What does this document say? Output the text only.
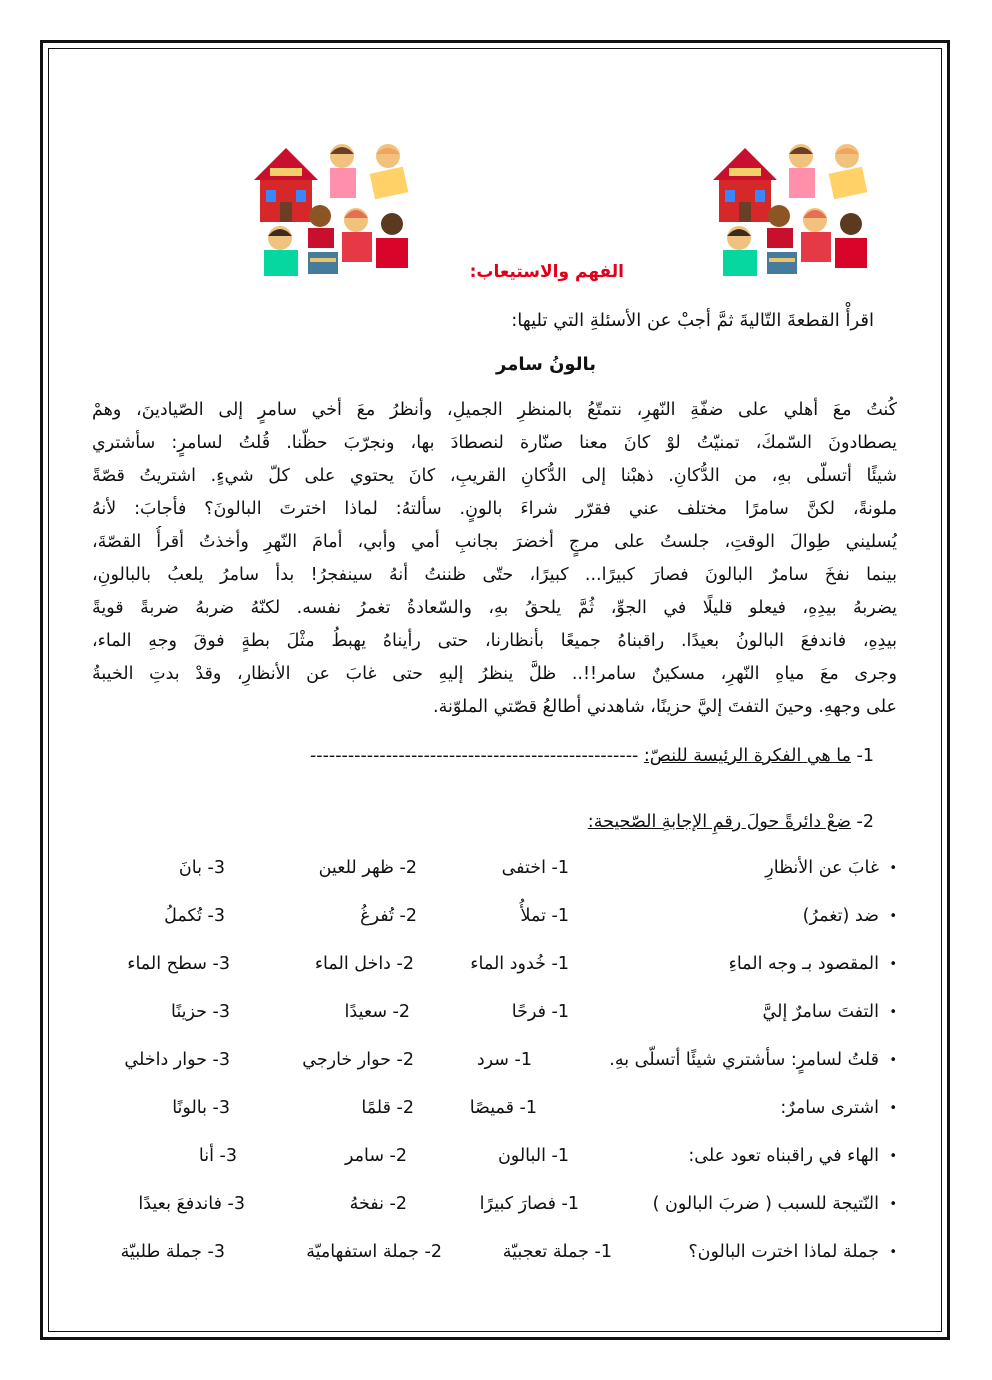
الفهم والاستيعاب:
اقرأْ القطعةَ التّاليةَ ثمَّ أجبْ عن الأسئلةِ التي تليها:
بالونُ سامر
كُنتُ معَ أهلي على ضفّةِ النّهرِ، نتمتّعُ بالمنظرِ الجميلِ، وأنظرُ معَ أخي سامرٍ إلى الصّيادينَ، وهمْ
يصطادونَ السّمكَ، تمنيّتُ لوْ كانَ معنا صنّارة لنصطادَ بها، ونجرّبَ حظّنا. قُلتُ لسامرٍ: سأشتري
شيئًا أتسلّى بهِ، من الدُّكانِ. ذهبْنا إلى الدُّكانِ القريبِ، كانَ يحتوي على كلّ شيءٍ. اشتريتُ قصّةً
ملونةً، لكنَّ سامرًا مختلف عني فقرّر شراءَ بالونٍ. سألتهُ: لماذا اخترتَ البالونَ؟ فأجابَ: لأنهُ
يُسليني طِوالَ الوقتِ، جلستُ على مرجٍ أخضرَ بجانبِ أمي وأبي، أمامَ النّهرِ وأخذتُ أقرأُ القصّةَ،
بينما نفخَ سامرٌ البالونَ فصارَ كبيرًا... كبيرًا، حتّى ظننتُ أنهُ سينفجرُ! بدأ سامرُ يلعبُ بالبالونِ،
يضربهُ بيدِهِ، فيعلو قليلًا في الجوِّ، ثُمَّ يلحقُ بهِ، والسّعادةُ تغمرُ نفسه. لكنّهُ ضربهُ ضربةً قويةً
بيدِهِ، فاندفعَ البالونُ بعيدًا. راقبناهُ جميعًا بأنظارنا، حتى رأيناهُ يهبطُ مثْلَ بطةٍ فوقَ وجهِ الماء،
وجرى معَ مياهِ النّهرِ، مسكينٌ سامر!!.. ظلَّ ينظرُ إليهِ حتى غابَ عن الأنظارِ، وقدْ بدتِ الخيبةُ
على وجههِ. وحينَ التفتَ إليَّ حزينًا، شاهدني أطالعُ قصّتي الملوّنة.
1- ما هي الفكرة الرئيسة للنصّ: ----------------------------------------------------
2- ضعْ دائرةً حولَ رقمِ الإجابةِ الصّحيحة:
•
غابَ عن الأنظارِ
1- اختفى
2- ظهر للعين
3- بانَ
•
ضد (تغمرُ)
1- تملأُ
2- تُفرغُ
3- تُكملُ
•
المقصود بـ وجه الماءِ
1- خُدود الماء
2- داخل الماء
3- سطح الماء
•
التفتَ سامرٌ إليَّ
1- فرحًا
2- سعيدًا
3- حزينًا
•
قلتُ لسامرٍ: سأشتري شيئًا أتسلّى بهِ.
1- سرد
2- حوار خارجي
3- حوار داخلي
•
اشترى سامرٌ:
1- قميصًا
2- قلمًا
3- بالونًا
•
الهاء في راقبناه تعود على:
1- البالون
2- سامر
3- أنا
•
النّتيجة للسبب ( ضربَ البالون )
1- فصارَ كبيرًا
2- نفخهُ
3- فاندفعَ بعيدًا
•
جملة لماذا اخترت البالون؟
1- جملة تعجبيّة
2- جملة استفهاميّة
3- جملة طلبيّة
